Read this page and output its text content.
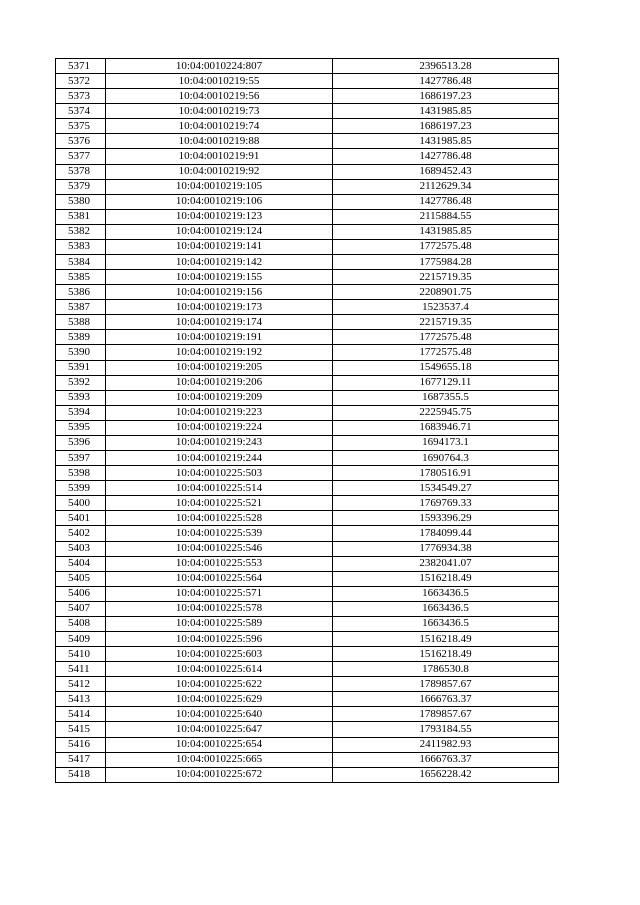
5371	10:04:0010224:807	2396513.28
5372	10:04:0010219:55	1427786.48
5373	10:04:0010219:56	1686197.23
5374	10:04:0010219:73	1431985.85
5375	10:04:0010219:74	1686197.23
5376	10:04:0010219:88	1431985.85
5377	10:04:0010219:91	1427786.48
5378	10:04:0010219:92	1689452.43
5379	10:04:0010219:105	2112629.34
5380	10:04:0010219:106	1427786.48
5381	10:04:0010219:123	2115884.55
5382	10:04:0010219:124	1431985.85
5383	10:04:0010219:141	1772575.48
5384	10:04:0010219:142	1775984.28
5385	10:04:0010219:155	2215719.35
5386	10:04:0010219:156	2208901.75
5387	10:04:0010219:173	1523537.4
5388	10:04:0010219:174	2215719.35
5389	10:04:0010219:191	1772575.48
5390	10:04:0010219:192	1772575.48
5391	10:04:0010219:205	1549655.18
5392	10:04:0010219:206	1677129.11
5393	10:04:0010219:209	1687355.5
5394	10:04:0010219:223	2225945.75
5395	10:04:0010219:224	1683946.71
5396	10:04:0010219:243	1694173.1
5397	10:04:0010219:244	1690764.3
5398	10:04:0010225:503	1780516.91
5399	10:04:0010225:514	1534549.27
5400	10:04:0010225:521	1769769.33
5401	10:04:0010225:528	1593396.29
5402	10:04:0010225:539	1784099.44
5403	10:04:0010225:546	1776934.38
5404	10:04:0010225:553	2382041.07
5405	10:04:0010225:564	1516218.49
5406	10:04:0010225:571	1663436.5
5407	10:04:0010225:578	1663436.5
5408	10:04:0010225:589	1663436.5
5409	10:04:0010225:596	1516218.49
5410	10:04:0010225:603	1516218.49
5411	10:04:0010225:614	1786530.8
5412	10:04:0010225:622	1789857.67
5413	10:04:0010225:629	1666763.37
5414	10:04:0010225:640	1789857.67
5415	10:04:0010225:647	1793184.55
5416	10:04:0010225:654	2411982.93
5417	10:04:0010225:665	1666763.37
5418	10:04:0010225:672	1656228.42
